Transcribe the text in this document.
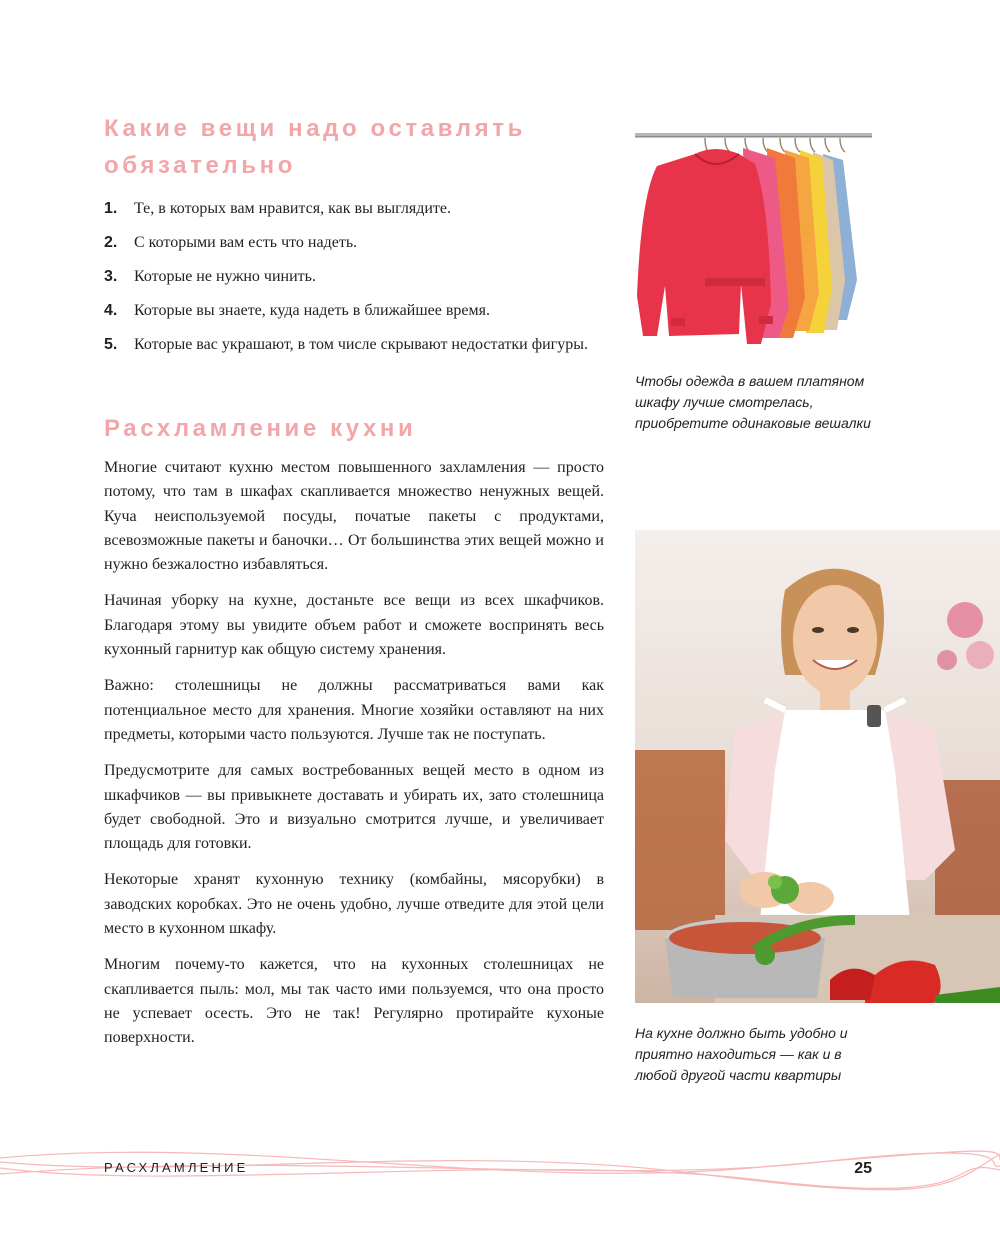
Какие вещи надо оставлять обязательно
1. Те, в которых вам нравится, как вы выглядите.
2. С которыми вам есть что надеть.
3. Которые не нужно чинить.
4. Которые вы знаете, куда надеть в ближайшее время.
5. Которые вас украшают, в том числе скрывают недостатки фигуры.
Расхламление кухни

Многие считают кухню местом повышенного захламления — просто потому, что там в шкафах скапливается множество ненужных вещей. Куча неиспользуемой посуды, початые пакеты с продуктами, всевозможные пакеты и баночки… От большинства этих вещей можно и нужно безжалостно избавляться.

Начиная уборку на кухне, достаньте все вещи из всех шкафчиков. Благодаря этому вы увидите объем работ и сможете воспринять весь кухонный гарнитур как общую систему хранения.

Важно: столешницы не должны рассматриваться вами как потенциальное место для хранения. Многие хозяйки оставляют на них предметы, которыми часто пользуются. Лучше так не поступать.

Предусмотрите для самых востребованных вещей место в одном из шкафчиков — вы привыкнете доставать и убирать их, зато столешница будет свободной. Это и визуально смотрится лучше, и увеличивает площадь для готовки.

Некоторые хранят кухонную технику (комбайны, мясорубки) в заводских коробках. Это не очень удобно, лучше отведите для этой цели место в кухонном шкафу.

Многим почему-то кажется, что на кухонных столешницах не скапливается пыль: мол, мы так часто ими пользуемся, что она просто не успевает осесть. Это не так! Регулярно протирайте кухоные поверхности.

Чтобы одежда в вашем платяном шкафу лучше смотрелась, приобретите одинаковые вешалки

На кухне должно быть удобно и приятно находиться — как и в любой другой части квартиры

РАСХЛАМЛЕНИЕ	25
